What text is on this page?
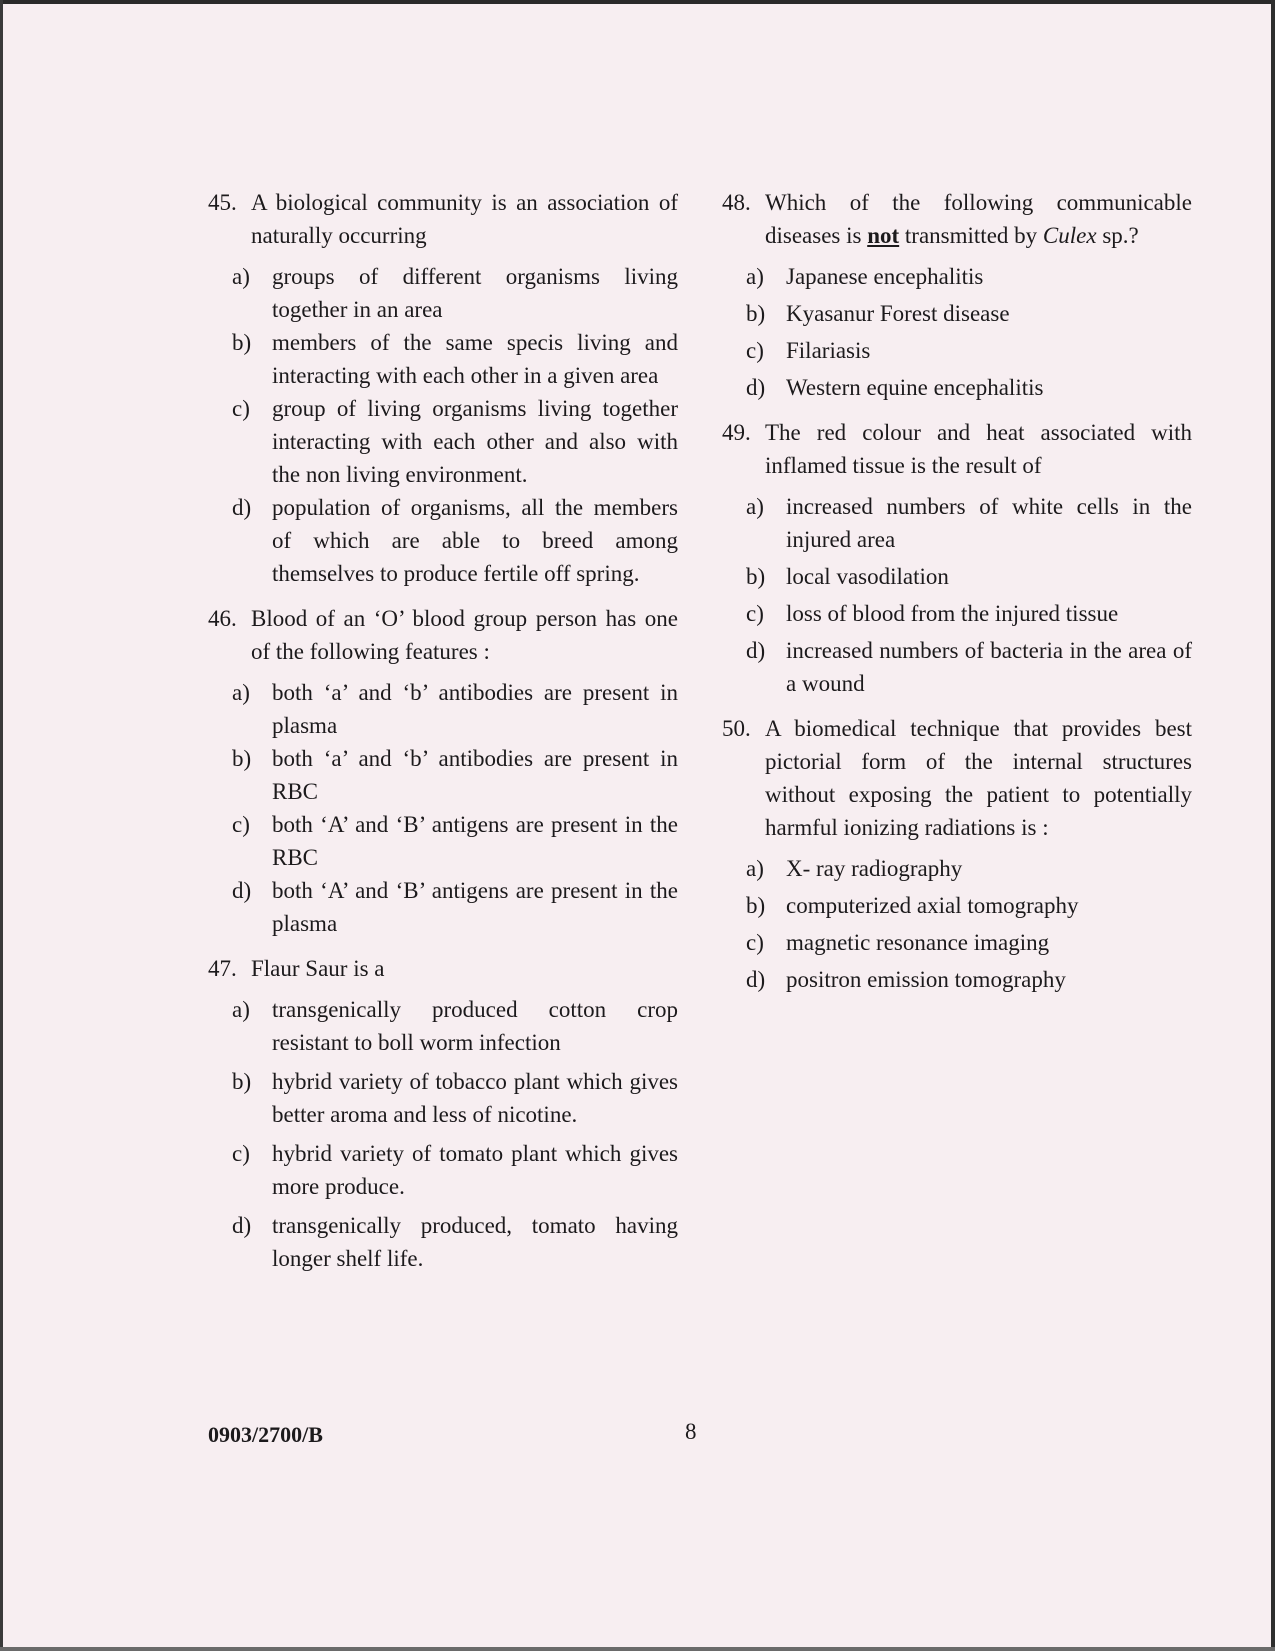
45. A biological community is an association of naturally occurring
a) groups of different organisms living together in an area
b) members of the same specis living and interacting with each other in a given area
c) group of living organisms living together interacting with each other and also with the non living environment.
d) population of organisms, all the members of which are able to breed among themselves to produce fertile off spring.
46. Blood of an ‘O’ blood group person has one of the following features :
a) both ‘a’ and ‘b’ antibodies are present in plasma
b) both ‘a’ and ‘b’ antibodies are present in RBC
c) both ‘A’ and ‘B’ antigens are present in the RBC
d) both ‘A’ and ‘B’ antigens are present in the plasma
47. Flaur Saur is a
a) transgenically produced cotton crop resistant to boll worm infection
b) hybrid variety of tobacco plant which gives better aroma and less of nicotine.
c) hybrid variety of tomato plant which gives more produce.
d) transgenically produced, tomato having longer shelf life.
48. Which of the following communicable diseases is not transmitted by Culex sp.?
a) Japanese encephalitis
b) Kyasanur Forest disease
c) Filariasis
d) Western equine encephalitis
49. The red colour and heat associated with inflamed tissue is the result of
a) increased numbers of white cells in the injured area
b) local vasodilation
c) loss of blood from the injured tissue
d) increased numbers of bacteria in the area of a wound
50. A biomedical technique that provides best pictorial form of the internal structures without exposing the patient to potentially harmful ionizing radiations is :
a) X- ray radiography
b) computerized axial tomography
c) magnetic resonance imaging
d) positron emission tomography
0903/2700/B	8
